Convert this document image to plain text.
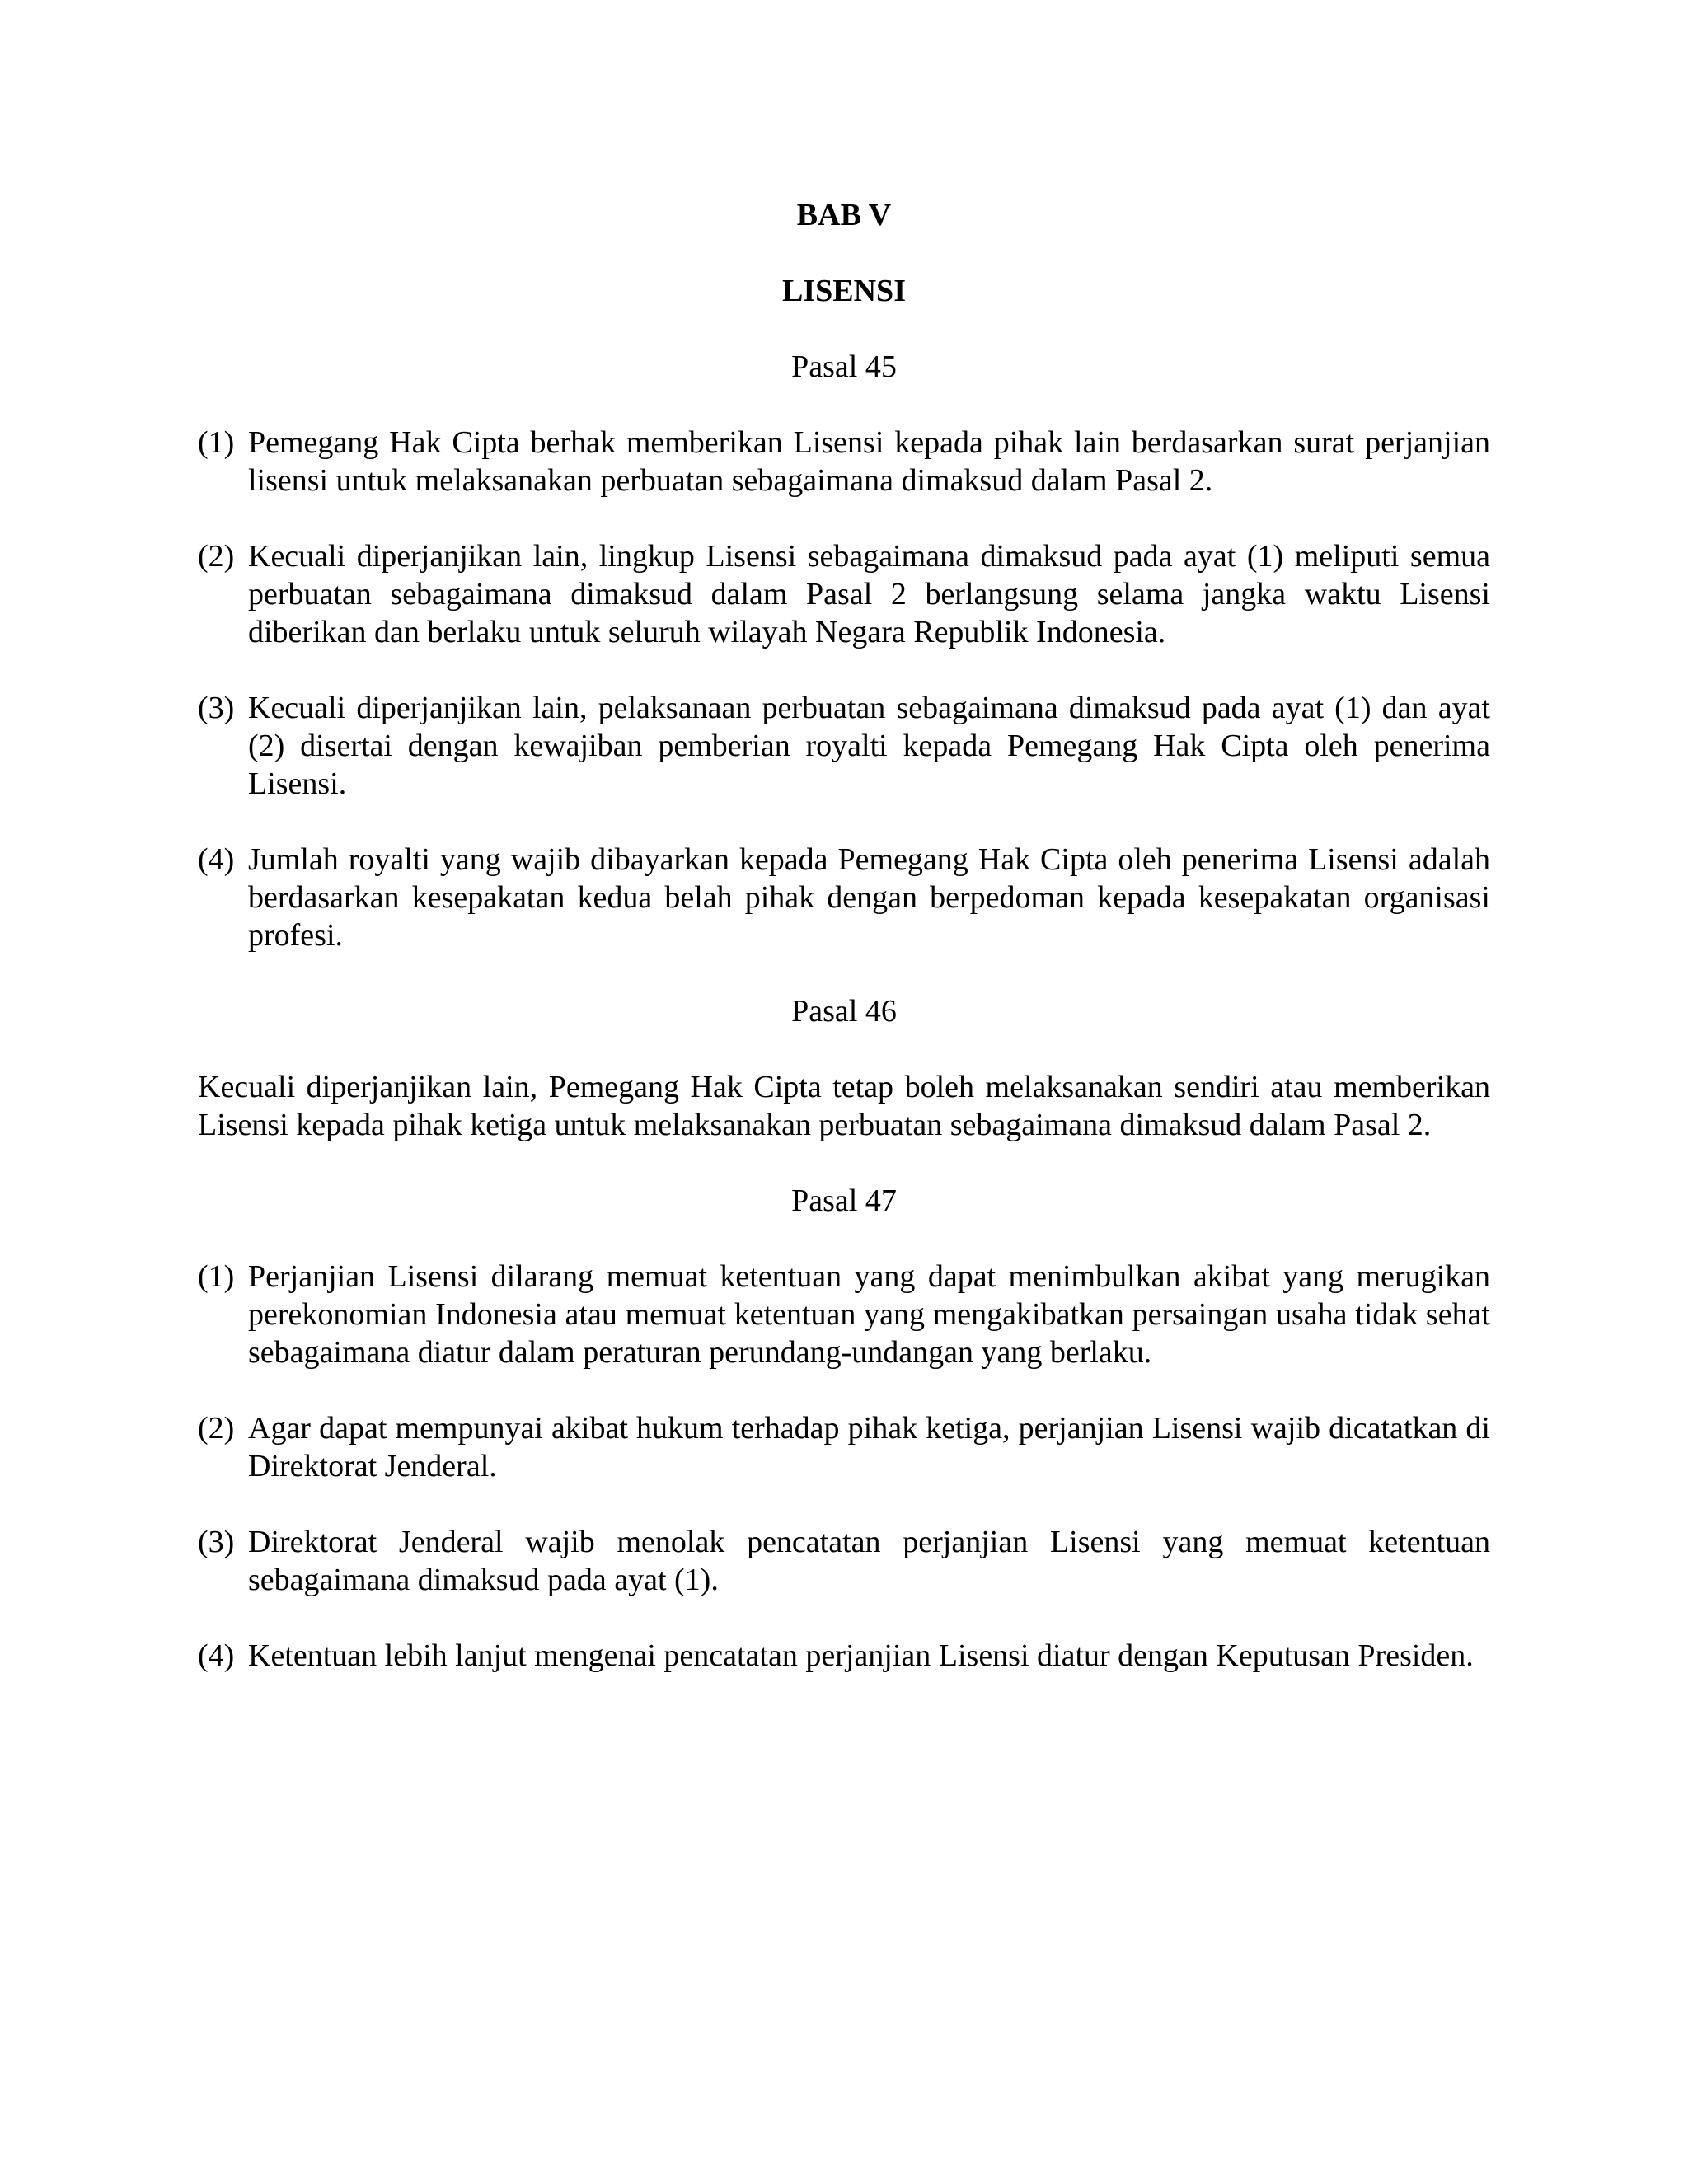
BAB V
LISENSI
Pasal 45
(1) Pemegang Hak Cipta berhak memberikan Lisensi kepada pihak lain berdasarkan surat perjanjian lisensi untuk melaksanakan perbuatan sebagaimana dimaksud dalam Pasal 2.
(2) Kecuali diperjanjikan lain, lingkup Lisensi sebagaimana dimaksud pada ayat (1) meliputi semua perbuatan sebagaimana dimaksud dalam Pasal 2 berlangsung selama jangka waktu Lisensi diberikan dan berlaku untuk seluruh wilayah Negara Republik Indonesia.
(3) Kecuali diperjanjikan lain, pelaksanaan perbuatan sebagaimana dimaksud pada ayat (1) dan ayat (2) disertai dengan kewajiban pemberian royalti kepada Pemegang Hak Cipta oleh penerima Lisensi.
(4) Jumlah royalti yang wajib dibayarkan kepada Pemegang Hak Cipta oleh penerima Lisensi adalah berdasarkan kesepakatan kedua belah pihak dengan berpedoman kepada kesepakatan organisasi profesi.
Pasal 46
Kecuali diperjanjikan lain, Pemegang Hak Cipta tetap boleh melaksanakan sendiri atau memberikan Lisensi kepada pihak ketiga untuk melaksanakan perbuatan sebagaimana dimaksud dalam Pasal 2.
Pasal 47
(1) Perjanjian Lisensi dilarang memuat ketentuan yang dapat menimbulkan akibat yang merugikan perekonomian Indonesia atau memuat ketentuan yang mengakibatkan persaingan usaha tidak sehat sebagaimana diatur dalam peraturan perundang-undangan yang berlaku.
(2) Agar dapat mempunyai akibat hukum terhadap pihak ketiga, perjanjian Lisensi wajib dicatatkan di Direktorat Jenderal.
(3) Direktorat Jenderal wajib menolak pencatatan perjanjian Lisensi yang memuat ketentuan sebagaimana dimaksud pada ayat (1).
(4) Ketentuan lebih lanjut mengenai pencatatan perjanjian Lisensi diatur dengan Keputusan Presiden.
